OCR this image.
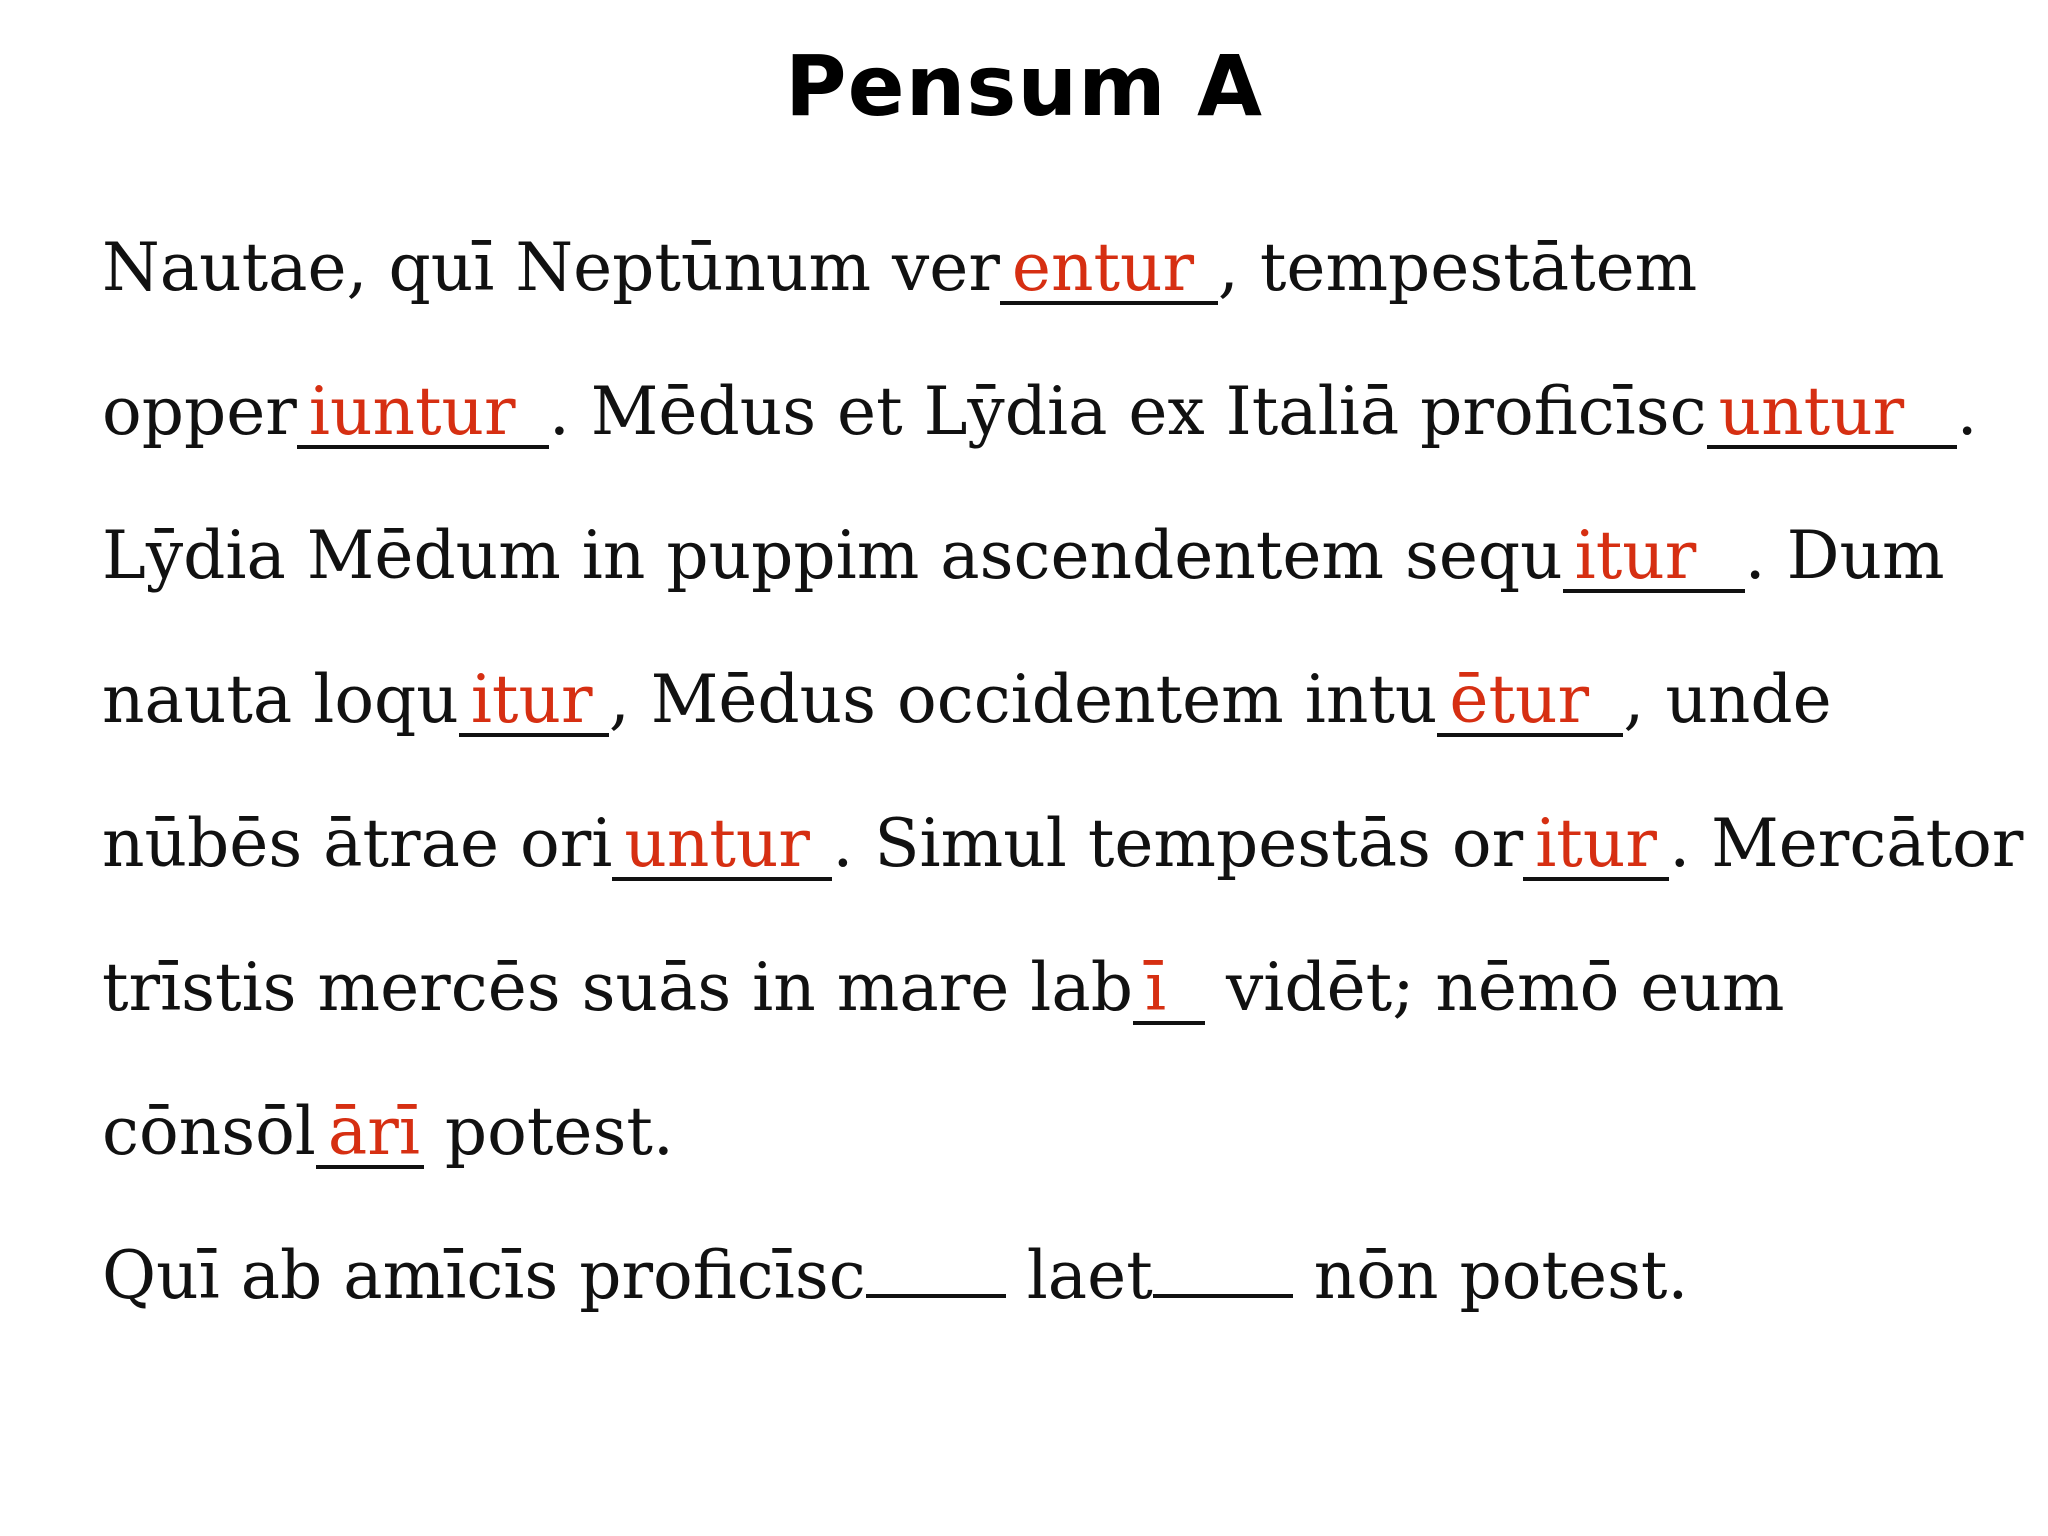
Pensum A
Nautae, quī Neptūnum ver entur , tempestātem
opper iuntur . Mēdus et Lȳdia ex Italiā proficīsc untur .
Lȳdia Mēdum in puppim ascendentem sequ itur . Dum
nauta loqu itur , Mēdus occidentem intu ētur , unde
nūbēs ātrae ori untur . Simul tempestās or itur . Mercātor
trīstis mercēs suās in mare lab ī vidēt; nēmō eum
cōnsōl ārī potest.
Quī ab amīcīs proficīsc laet nōn potest.
